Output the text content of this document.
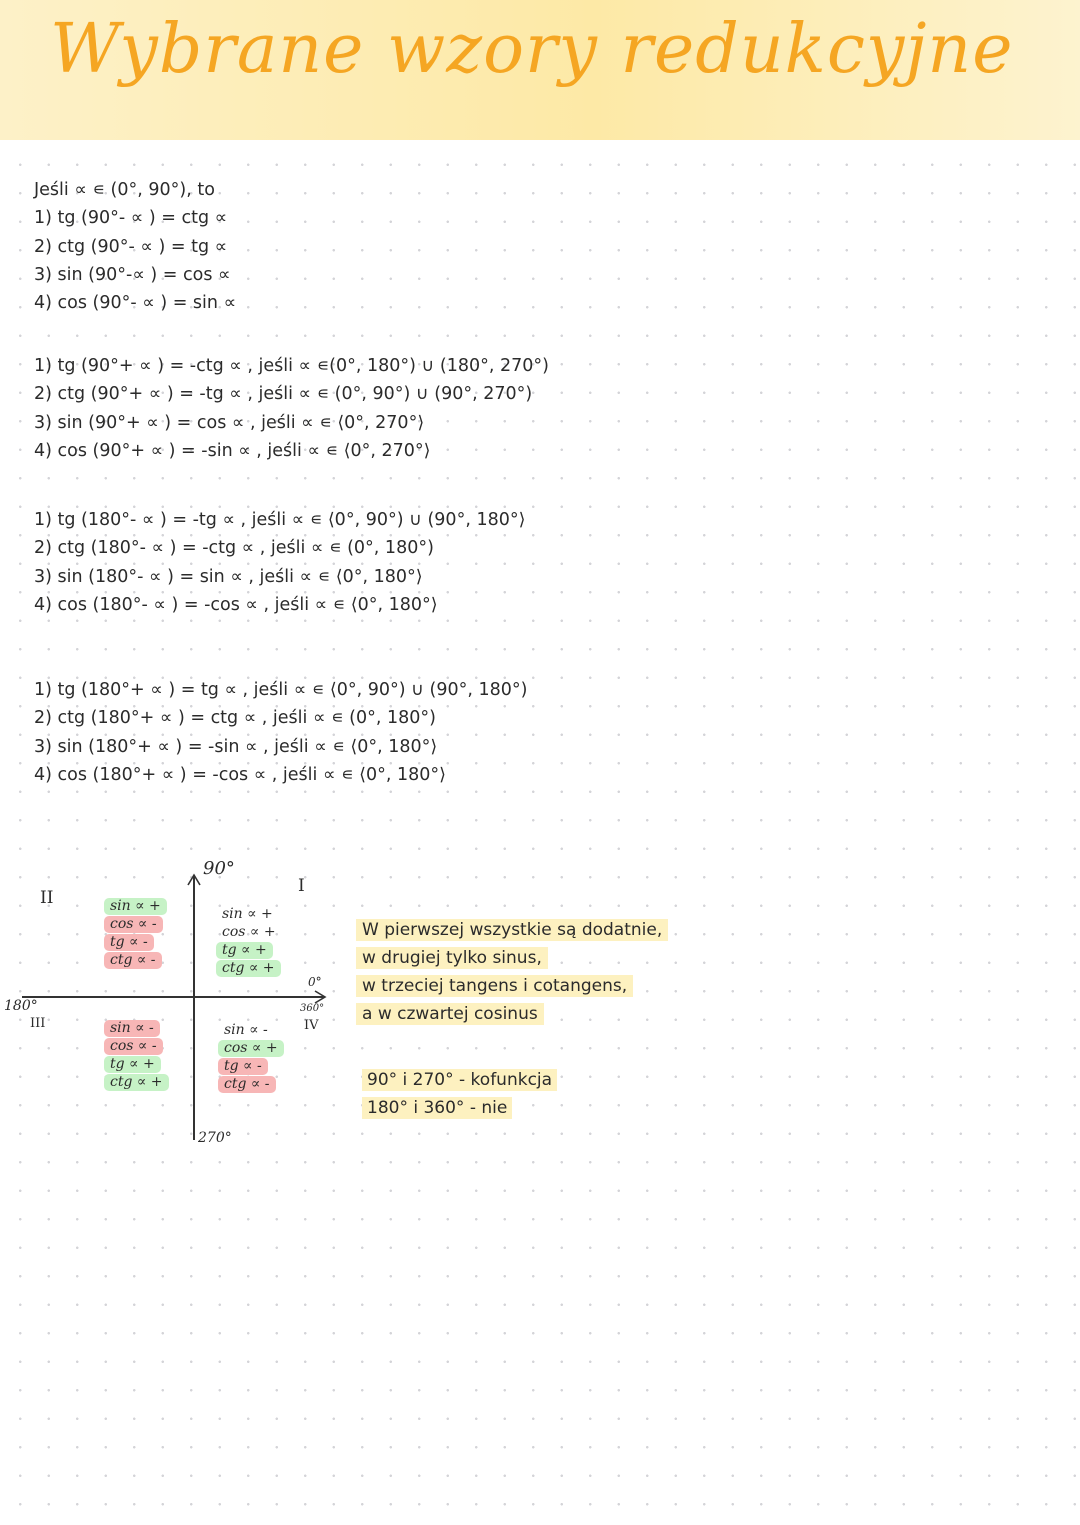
Wybrane wzory redukcyjne
Jeśli ∝ ∊ (0°, 90°), to
1) tg (90°- ∝ ) = ctg ∝
2) ctg (90°- ∝ ) = tg ∝
3) sin (90°-∝ ) = cos ∝
4) cos (90°- ∝ ) = sin ∝
1) tg (90°+ ∝ ) = -ctg ∝ , jeśli ∝ ∊(0°, 180°) ∪ (180°, 270°)
2) ctg (90°+ ∝ ) = -tg ∝ , jeśli ∝ ∊ (0°, 90°) ∪ (90°, 270°)
3) sin (90°+ ∝ ) = cos ∝ , jeśli ∝ ∊ ⟨0°, 270°⟩
4) cos (90°+ ∝ ) = -sin ∝ , jeśli ∝ ∊ ⟨0°, 270°⟩
1) tg (180°- ∝ ) = -tg ∝ , jeśli ∝ ∊ ⟨0°, 90°) ∪ (90°, 180°⟩
2) ctg (180°- ∝ ) = -ctg ∝ , jeśli ∝ ∊ (0°, 180°)
3) sin (180°- ∝ ) = sin ∝ , jeśli ∝ ∊ ⟨0°, 180°⟩
4) cos (180°- ∝ ) = -cos ∝ , jeśli ∝ ∊ ⟨0°, 180°⟩
1) tg (180°+ ∝ ) = tg ∝ , jeśli ∝ ∊ ⟨0°, 90°) ∪ (90°, 180°)
2) ctg (180°+ ∝ ) = ctg ∝ , jeśli ∝ ∊ (0°, 180°)
3) sin (180°+ ∝ ) = -sin ∝ , jeśli ∝ ∊ ⟨0°, 180°⟩
4) cos (180°+ ∝ ) = -cos ∝ , jeśli ∝ ∊ ⟨0°, 180°⟩
90°
180°
0°
360°
270°
I
II
III	IV
sin ∝ +
cos ∝ -
tg ∝ -
ctg ∝ -
sin ∝ +
cos ∝ +
tg ∝ +
ctg ∝ +
sin ∝ -
cos ∝ -
tg ∝ +
ctg ∝ +
sin ∝ -
cos ∝ +
tg ∝ -
ctg ∝ -
W pierwszej wszystkie są dodatnie,
w drugiej tylko sinus,
w trzeciej tangens i cotangens,
a w czwartej cosinus
90° i 270° - kofunkcja
180° i 360° - nie
